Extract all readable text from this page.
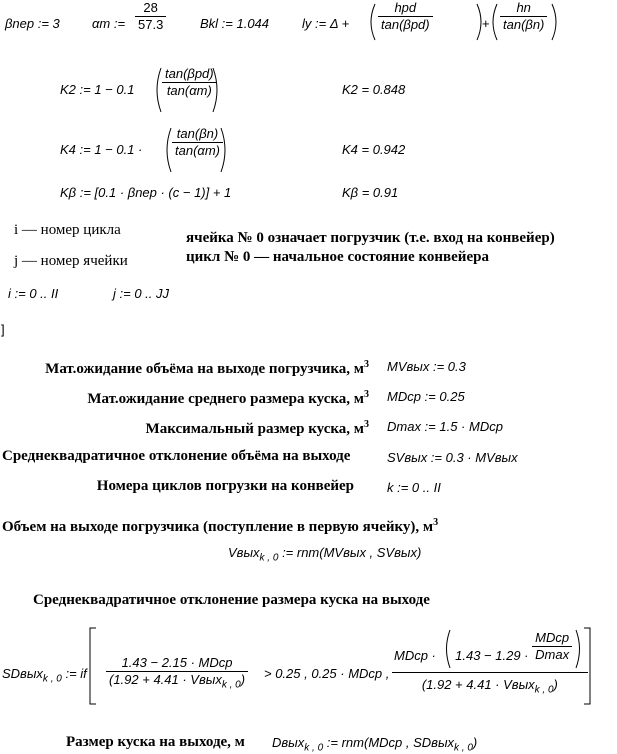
βnep := 3 αm := $\frac{28}{57.3}$	Bkl := 1.044	ly := $\Delta + \frac{\text{hpd}}{\text{tan(βpd)}}$	+ $\frac{hn}{\tan(\beta n)}$
K2 := $1 - 0.1 \frac{\text{tan(βpd)}}{\tan(\alpha m)}$	K2 = 0.848
K4 := $1 - 0.1 \cdot \frac{\tan(\beta n)}{\tan(\alpha m)}$	K4 = 0.942
Kβ := [0.1 · βnep · (c − 1)] + 1	Kβ = 0.91
i — номер цикла	ячейка № 0 означает погрузчик (т.е. вход на конвейер)
цикл № 0 — начальное состояние конвейера
j — номер ячейки
i := 0 .. II	j := 0 .. JJ
]
Мат.ожидание объёма на выходе погрузчика, $м^3$ MVвых := 0.3
Мат.ожидание среднего размера куска, $м^3$ MDcp := 0.25
Максимальный размер куска, $м^3$ Dmax := 1.5 · MDcp
Среднеквадратичное отклонение объёма на выходе	SVвых := 0.3 · MVвых
Номера циклов погрузки на конвейер	k := 0 .. II
Объем на выходе погрузчика (поступление в первую ячейку), $м^3$
Vвых$_{k , 0}$ := rnm(MVвых , SVвых)
Среднеквадратичное отклонение размера куска на выходе
SDвых$_{k , 0}$ := if $\frac{\text{1.43 − 2.15 · MDcp}}{(1.92 + 4.41 \cdot Vвых_{k , 0})} > 0.25$ , 0.25 · MDcp ,
MDcp · $1.43 - 1.29 \cdot \frac{\text{MDcp}}{Dmax}$

(1.92 + 4.41 · Vвых$_{k , 0}$)
Размер куска на выходе, м Dвых$_{k , 0}$ := rnm(MDcp , SDвых$_{k , 0}$)
